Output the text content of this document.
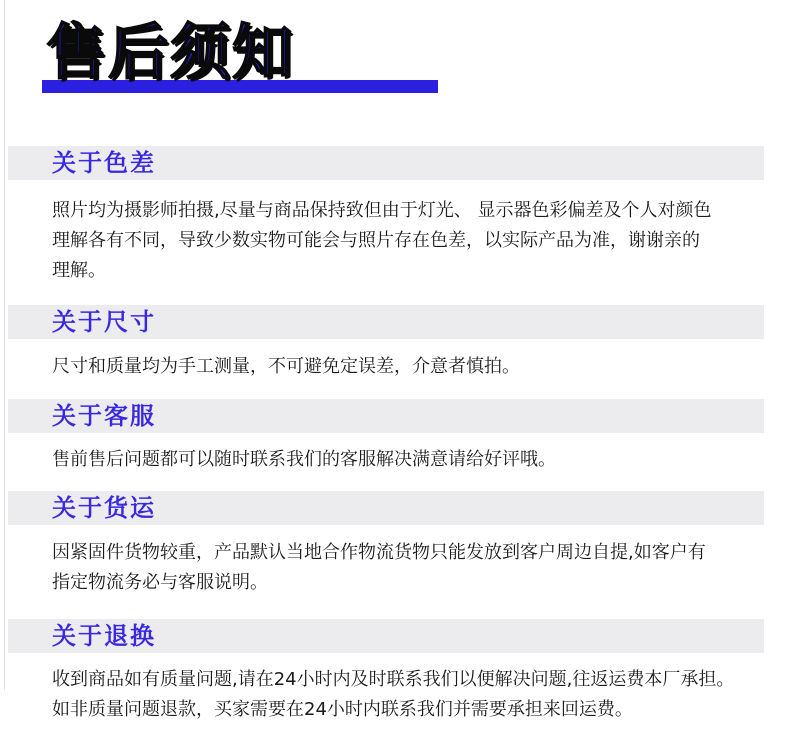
售后须知
关于色差
照片均为摄影师拍摄,尽量与商品保持致但由于灯光、 显示器色彩偏差及个人对颜色
理解各有不同，导致少数实物可能会与照片存在色差，以实际产品为准，谢谢亲的
理解。
关于尺寸
尺寸和质量均为手工测量，不可避免定误差，介意者慎拍。
关于客服
售前售后问题都可以随时联系我们的客服解决满意请给好评哦。
关于货运
因紧固件货物较重，产品默认当地合作物流货物只能发放到客户周边自提,如客户有
指定物流务必与客服说明。
关于退换
收到商品如有质量问题,请在24小时内及时联系我们以便解决问题,往返运费本厂承担。
如非质量问题退款，买家需要在24小时内联系我们并需要承担来回运费。
